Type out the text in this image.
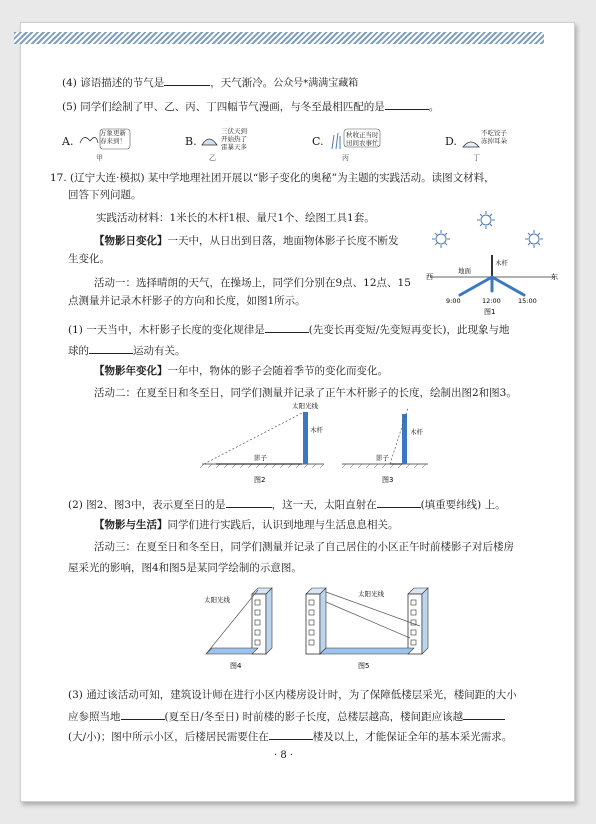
(4) 谚语描述的节气是	，天气渐冷。公众号*满满宝藏箱
(5) 同学们绘制了甲、乙、丙、丁四幅节气漫画，与冬至最相匹配的是	。
A.
万象更新
春来到！
甲
B.
三伏天到
开始热了
雷暴天多
乙
C.	秋收正当时
田间农事忙
丙
D.
不吃饺子
冻掉耳朵
丁
17. (辽宁大连·模拟) 某中学地理社团开展以“影子变化的奥秘”为主题的实践活动。读图文材料，
回答下列问题。
实践活动材料：1米长的木杆1根、量尺1个、绘图工具1套。
【物影日变化】一天中，从日出到日落，地面物体影子长度不断发
生变化。
活动一：选择晴朗的天气，在操场上，同学们分别在9点、12点、15
点测量并记录木杆影子的方向和长度，如图1所示。
西	东
地面
木杆
9:00	12:00	15:00
图1
(1) 一天当中，木杆影子长度的变化规律是	(先变长再变短/先变短再变长)，此现象与地
球的	运动有关。
【物影年变化】一年中，物体的影子会随着季节的变化而变化。
活动二：在夏至日和冬至日，同学们测量并记录了正午木杆影子的长度，绘制出图2和图3。
太阳光线
木杆
影子
图2
木杆
影子
图3
(2) 图2、图3中，表示夏至日的是	，这一天，太阳直射在	(填重要纬线) 上。
【物影与生活】同学们进行实践后，认识到地理与生活息息相关。
活动三：在夏至日和冬至日，同学们测量并记录了自己居住的小区正午时前楼影子对后楼房
屋采光的影响，图4和图5是某同学绘制的示意图。
太阳光线
图4
太阳光线
图5
(3) 通过该活动可知，建筑设计师在进行小区内楼房设计时，为了保障低楼层采光，楼间距的大小
应参照当地	(夏至日/冬至日) 时前楼的影子长度，总楼层越高，楼间距应该越
(大/小)；图中所示小区，后楼居民需要住在	楼及以上，才能保证全年的基本采光需求。
· 8 ·
